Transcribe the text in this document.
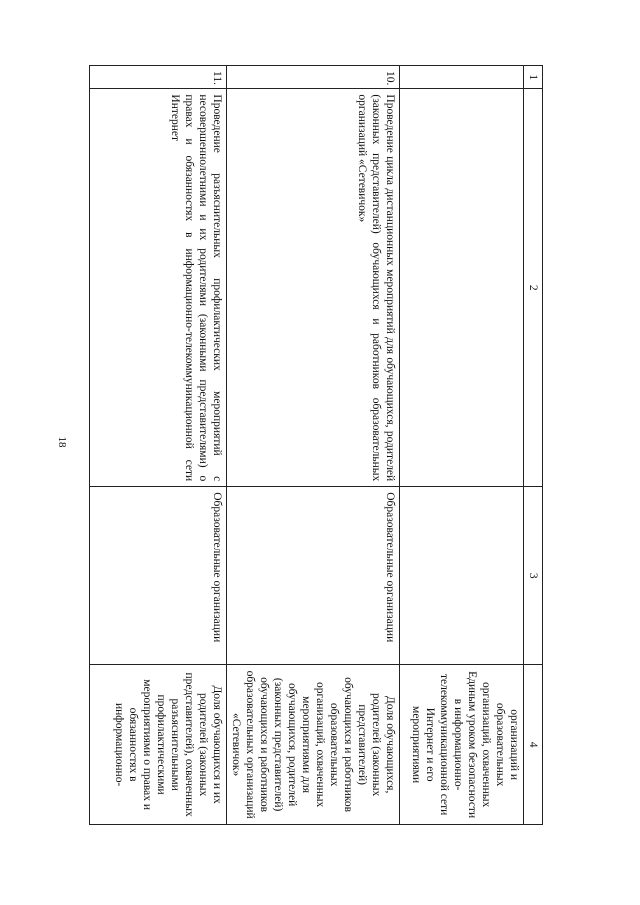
18
1	2	3	4
			организаций и образовательных организаций, охваченных Единым уроком безопасности в информационно-телекоммуникационной сети Интернет и его мероприятиями
10.	Проведение цикла дистанционных мероприятий для обучающихся, родителей (законных представителей) обучающихся и работников образовательных организаций «Сетевичок»	Образовательные организации	Доля обучающихся, родителей (законных представителей) обучающихся и работников образовательных организаций, охваченных мероприятиями для обучающихся, родителей (законных представителей) обучающихся и работников образовательных организаций «Сетевичок»
11.	Проведение разъяснительных профилактических мероприятий с несовершеннолетними и их родителями (законными представителями) о правах и обязанностях в информационно-телекоммуникационной сети Интернет	Образовательные организации	Доля обучающихся и их родителей (законных представителей), охваченных разъяснительными профилактическими мероприятиями о правах и обязанностях в информационно-
